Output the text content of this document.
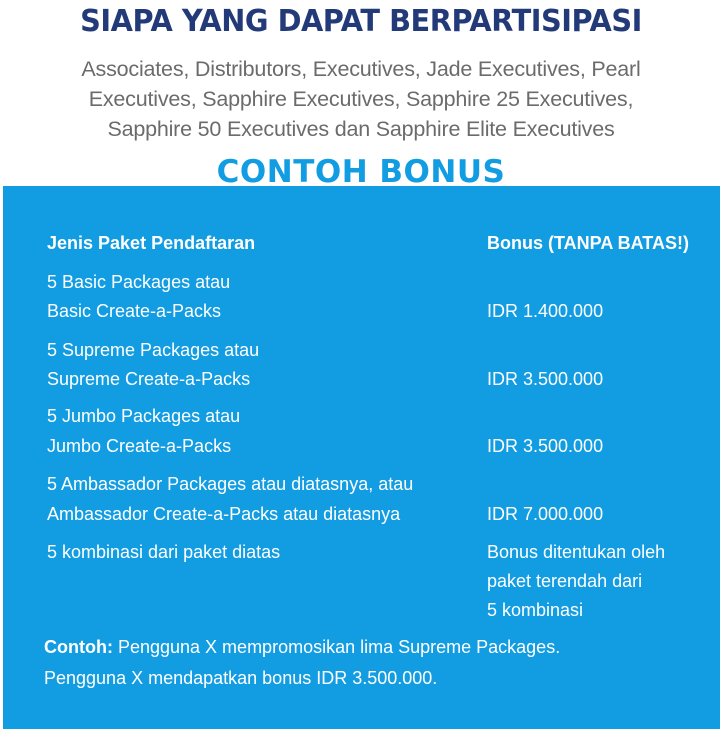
SIAPA YANG DAPAT BERPARTISIPASI
Associates, Distributors, Executives, Jade Executives, Pearl
Executives, Sapphire Executives, Sapphire 25 Executives,
Sapphire 50 Executives dan Sapphire Elite Executives
CONTOH BONUS
Jenis Paket Pendaftaran	Bonus (TANPA BATAS!)
5 Basic Packages atau
Basic Create-a-Packs	IDR 1.400.000
5 Supreme Packages atau
Supreme Create-a-Packs	IDR 3.500.000
5 Jumbo Packages atau
Jumbo Create-a-Packs	IDR 3.500.000
5 Ambassador Packages atau diatasnya, atau
Ambassador Create-a-Packs atau diatasnya	IDR 7.000.000
5 kombinasi dari paket diatas	Bonus ditentukan oleh
paket terendah dari
5 kombinasi
Contoh: Pengguna X mempromosikan lima Supreme Packages.
Pengguna X mendapatkan bonus IDR 3.500.000.
